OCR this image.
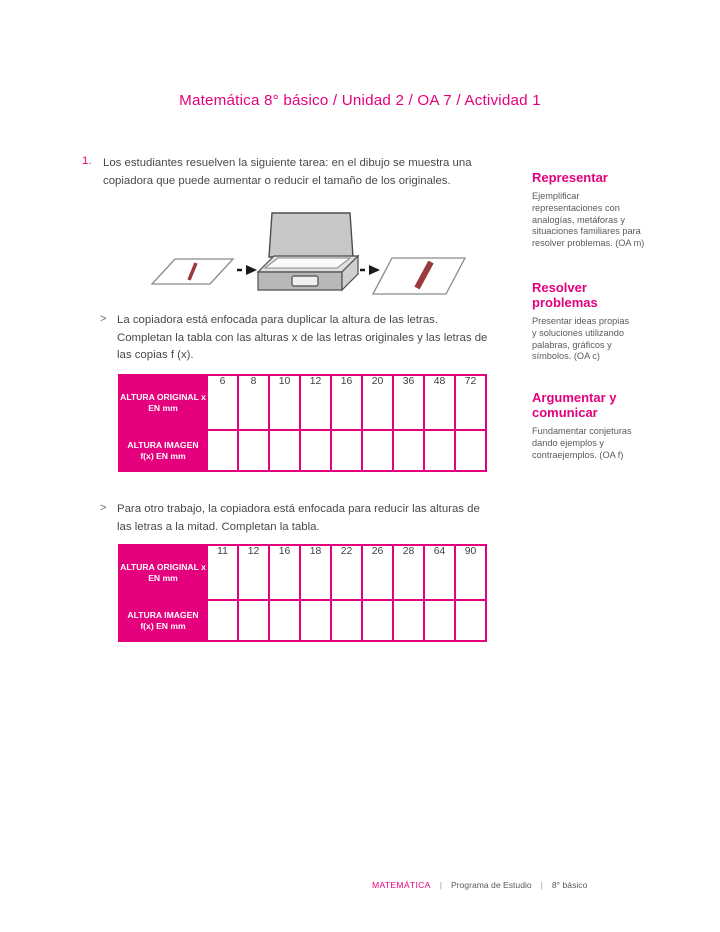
Matemática 8° básico / Unidad 2 / OA 7 / Actividad 1
1. Los estudiantes resuelven la siguiente tarea: en el dibujo se muestra una
copiadora que puede aumentar o reducir el tamaño de los originales.
> La copiadora está enfocada para duplicar la altura de las letras.
Completan la tabla con las alturas x de las letras originales y las letras de
las copias f (x).
ALTURA ORIGINAL x EN mm	6	8	10	12	16	20	36	48	72
ALTURA IMAGEN f(x) EN mm									
> Para otro trabajo, la copiadora está enfocada para reducir las alturas de
las letras a la mitad. Completan la tabla.
ALTURA ORIGINAL x EN mm	11	12	16	18	22	26	28	64	90
ALTURA IMAGEN f(x) EN mm									
Representar

Ejemplificar
representaciones con
analogías, metáforas y
situaciones familiares para
resolver problemas. (OA m)

Resolver
problemas

Presentar ideas propias
y soluciones utilizando
palabras, gráficos y
símbolos. (OA c)

Argumentar y
comunicar

Fundamentar conjeturas
dando ejemplos y
contraejemplos. (OA f)

MATEMÁTICA | Programa de Estudio | 8° básico
